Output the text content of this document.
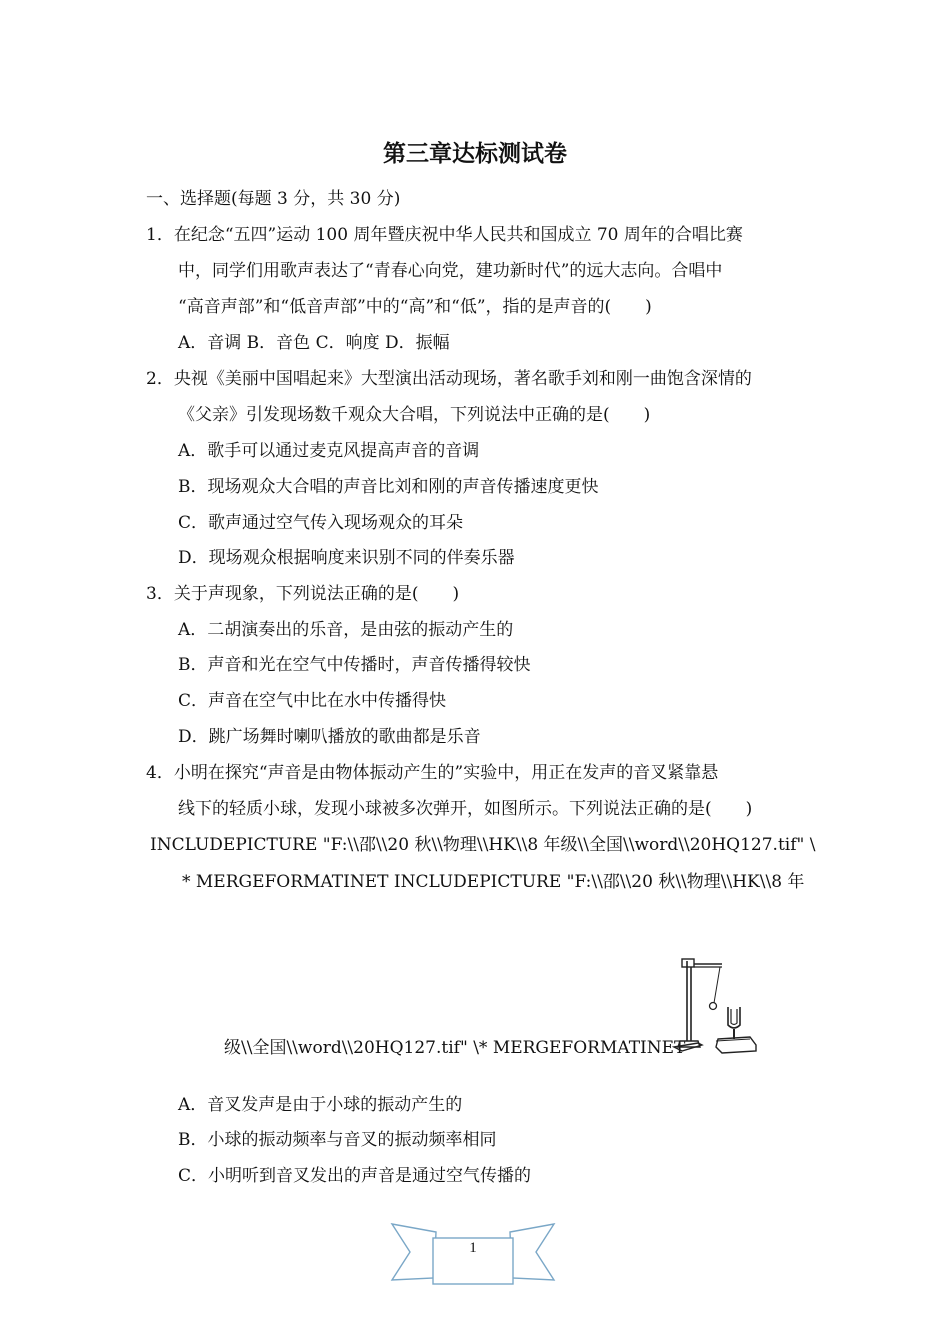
第三章达标测试卷
一、选择题(每题 3 分，共 30 分)
1．在纪念“五四”运动 100 周年暨庆祝中华人民共和国成立 70 周年的合唱比赛
中，同学们用歌声表达了“青春心向党，建功新时代”的远大志向。合唱中
“高音声部”和“低音声部”中的“高”和“低”，指的是声音的(　　)
A．音调 B．音色 C．响度 D．振幅
2．央视《美丽中国唱起来》大型演出活动现场，著名歌手刘和刚一曲饱含深情的
《父亲》引发现场数千观众大合唱，下列说法中正确的是(　　)
A．歌手可以通过麦克风提高声音的音调
B．现场观众大合唱的声音比刘和刚的声音传播速度更快
C．歌声通过空气传入现场观众的耳朵
D．现场观众根据响度来识别不同的伴奏乐器
3．关于声现象，下列说法正确的是(　　)
A．二胡演奏出的乐音，是由弦的振动产生的
B．声音和光在空气中传播时，声音传播得较快
C．声音在空气中比在水中传播得快
D．跳广场舞时喇叭播放的歌曲都是乐音
4．小明在探究“声音是由物体振动产生的”实验中，用正在发声的音叉紧靠悬
线下的轻质小球，发现小球被多次弹开，如图所示。下列说法正确的是(　　)
INCLUDEPICTURE "F:\\邵\\20 秋\\物理\\HK\\8 年级\\全国\\word\\20HQ127.tif" \
* MERGEFORMATINET INCLUDEPICTURE "F:\\邵\\20 秋\\物理\\HK\\8 年
级\\全国\\word\\20HQ127.tif" \* MERGEFORMATINET
A．音叉发声是由于小球的振动产生的
B．小球的振动频率与音叉的振动频率相同
C．小明听到音叉发出的声音是通过空气传播的
1
